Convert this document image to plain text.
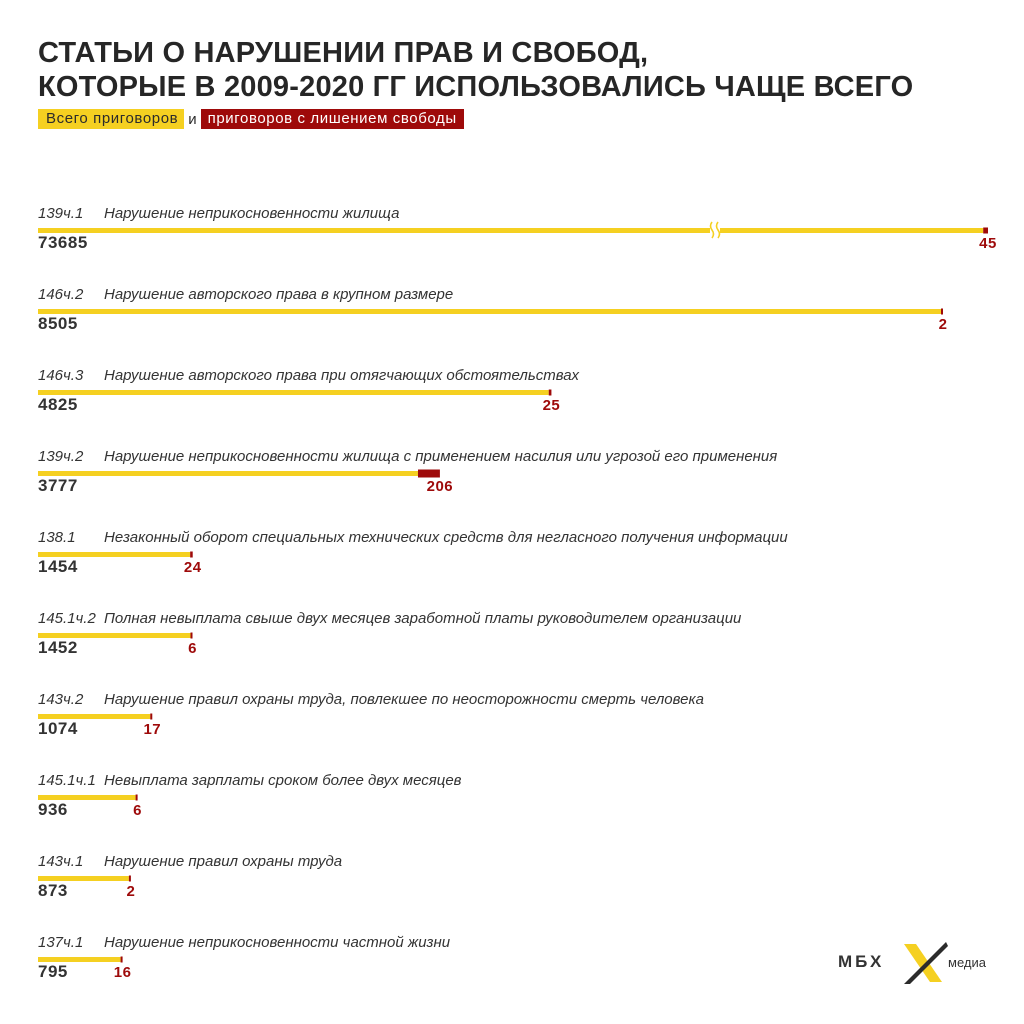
СТАТЬИ О НАРУШЕНИИ ПРАВ И СВОБОД,
КОТОРЫЕ В 2009-2020 ГГ ИСПОЛЬЗОВАЛИСЬ ЧАЩЕ ВСЕГО
Всего приговоров и приговоров с лишением свободы
139ч.1 Нарушение неприкосновенности жилища
73685	45
146ч.2 Нарушение авторского права в крупном размере
8505	2
146ч.3 Нарушение авторского права при отягчающих обстоятельствах
4825	25
139ч.2 Нарушение неприкосновенности жилища с применением насилия или угрозой его применения
3777	206
138.1 Незаконный оборот специальных технических средств для негласного получения информации
1454	24
145.1ч.2 Полная невыплата свыше двух месяцев заработной платы руководителем организации
1452	6
143ч.2 Нарушение правил охраны труда, повлекшее по неосторожности смерть человека
1074	17
145.1ч.1 Невыплата зарплаты сроком более двух месяцев
936	6
143ч.1 Нарушение правил охраны труда
873	2
137ч.1 Нарушение неприкосновенности частной жизни
795	16
МБХ	медиа
